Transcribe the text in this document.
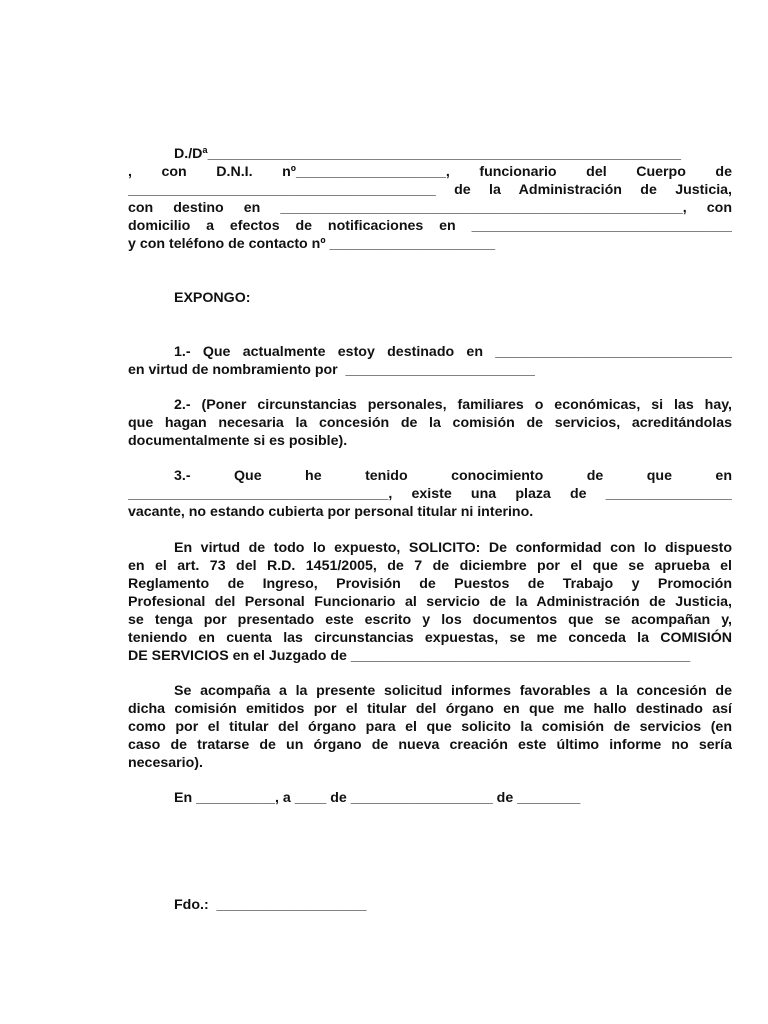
D./Dª____________________________________________________________
, con D.N.I. nº___________________, funcionario del Cuerpo de
_______________________________________ de la Administración de Justicia,
con destino en ___________________________________________________, con
domicilio a efectos de notificaciones en _________________________________
y con teléfono de contacto nº _____________________
EXPONGO:
1.- Que actualmente estoy destinado en ______________________________
en virtud de nombramiento por  ________________________
2.- (Poner circunstancias personales, familiares o económicas, si las hay,
que hagan necesaria la concesión de la comisión de servicios, acreditándolas
documentalmente si es posible).
3.- Que he tenido conocimiento de que en
_________________________________, existe una plaza de ________________
vacante, no estando cubierta por personal titular ni interino.
En virtud de todo lo expuesto, SOLICITO: De conformidad con lo dispuesto
en el art. 73 del R.D. 1451/2005, de 7 de diciembre por el que se aprueba el
Reglamento de Ingreso, Provisión de Puestos de Trabajo y Promoción
Profesional del Personal Funcionario al servicio de la Administración de Justicia,
se tenga por presentado este escrito y los documentos que se acompañan y,
teniendo en cuenta las circunstancias expuestas, se me conceda la COMISIÓN
DE SERVICIOS en el Juzgado de ___________________________________________
Se acompaña a la presente solicitud informes favorables a la concesión de
dicha comisión emitidos por el titular del órgano en que me hallo destinado así
como por el titular del órgano para el que solicito la comisión de servicios (en
caso de tratarse de un órgano de nueva creación este último informe no sería
necesario).
En __________, a ____ de __________________ de ________
Fdo.:  ___________________
